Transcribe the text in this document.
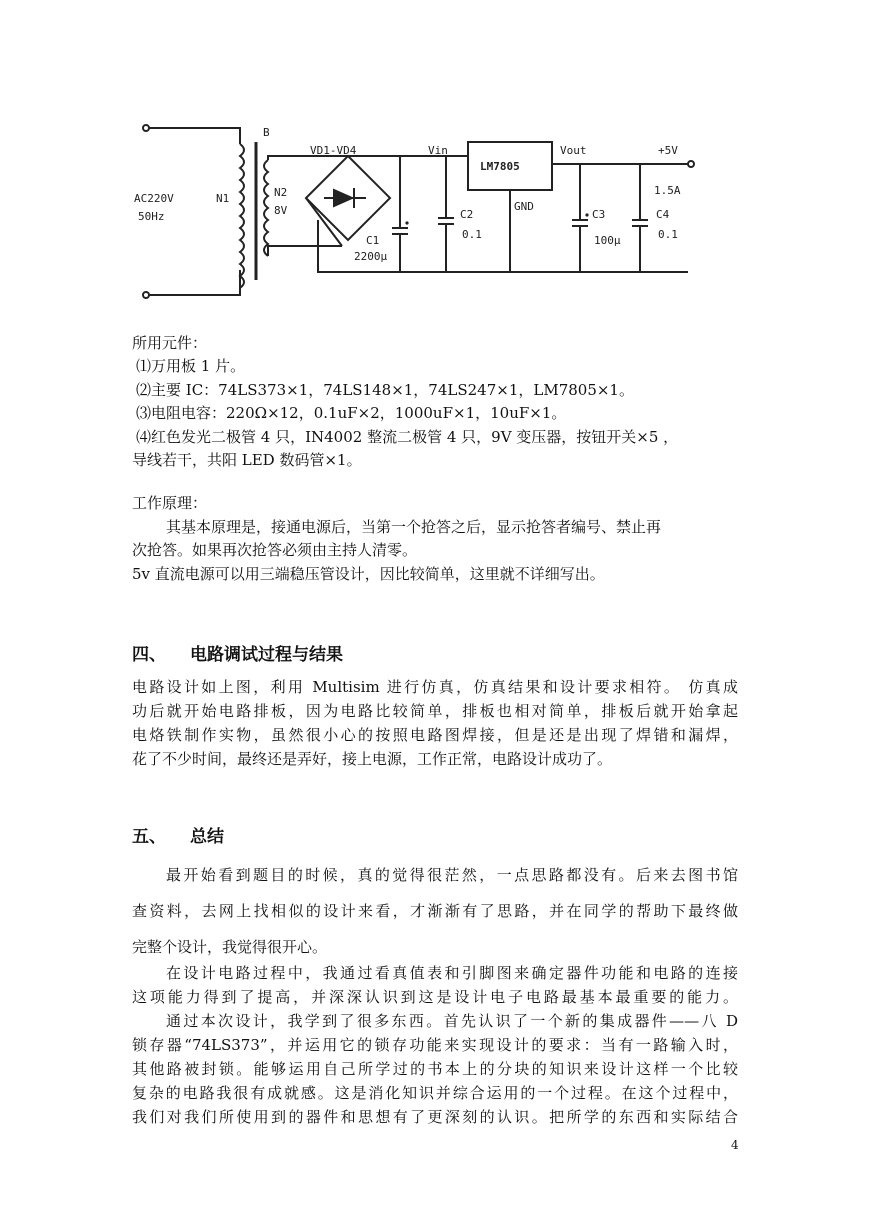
B
AC220V
50Hz
N1	N2
8V
VD1-VD4	Vin
LM7805
Vout	+5V
GND
1.5A
C1
2200μ
C2
0.1
C3
100μ
C4
0.1
所用元件：
⑴万用板 1 片。
⑵主要 IC：74LS373×1，74LS148×1，74LS247×1，LM7805×1。
⑶电阻电容：220Ω×12，0.1uF×2，1000uF×1，10uF×1。
⑷红色发光二极管 4 只，IN4002 整流二极管 4 只，9V 变压器，按钮开关×5 ，
导线若干，共阳 LED 数码管×1。
工作原理：
其基本原理是，接通电源后，当第一个抢答之后，显示抢答者编号、禁止再
次抢答。如果再次抢答必须由主持人清零。
5v 直流电源可以用三端稳压管设计，因比较简单，这里就不详细写出。
四、 电路调试过程与结果
电路设计如上图，利用 Multisim 进行仿真，仿真结果和设计要求相符。 仿真成
功后就开始电路排板，因为电路比较简单，排板也相对简单，排板后就开始拿起
电烙铁制作实物，虽然很小心的按照电路图焊接，但是还是出现了焊错和漏焊，
花了不少时间，最终还是弄好，接上电源，工作正常，电路设计成功了。
五、 总结
最开始看到题目的时候，真的觉得很茫然，一点思路都没有。后来去图书馆
查资料，去网上找相似的设计来看，才渐渐有了思路，并在同学的帮助下最终做
完整个设计，我觉得很开心。
在设计电路过程中，我通过看真值表和引脚图来确定器件功能和电路的连接
这项能力得到了提高，并深深认识到这是设计电子电路最基本最重要的能力。
通过本次设计，我学到了很多东西。首先认识了一个新的集成器件——八 D
锁存器“74LS373”，并运用它的锁存功能来实现设计的要求：当有一路输入时，
其他路被封锁。能够运用自己所学过的书本上的分块的知识来设计这样一个比较
复杂的电路我很有成就感。这是消化知识并综合运用的一个过程。在这个过程中，
我们对我们所使用到的器件和思想有了更深刻的认识。把所学的东西和实际结合
4
